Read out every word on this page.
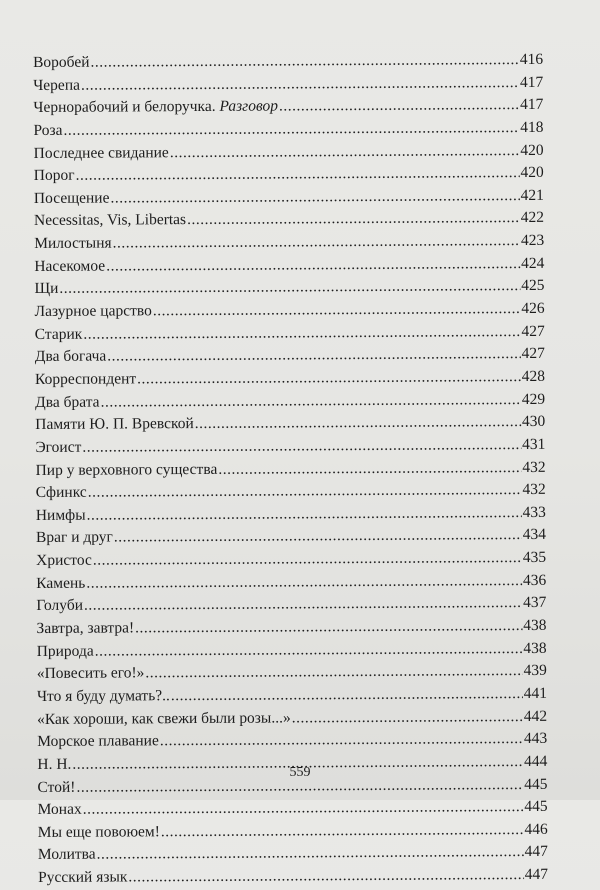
Воробей .....	416
Черепа .....	417
Чернорабочий и белоручка. Разговор .....	417
Роза .....	418
Последнее свидание .....	420
Порог .....	420
Посещение .....	421
Necessitas, Vis, Libertas .....	422
Милостыня .....	423
Насекомое .....	424
Щи .....	425
Лазурное царство .....	426
Старик .....	427
Два богача .....	427
Корреспондент .....	428
Два брата .....	429
Памяти Ю. П. Вревской .....	430
Эгоист .....	431
Пир у верховного существа .....	432
Сфинкс .....	432
Нимфы .....	433
Враг и друг .....	434
Христос .....	435
Камень .....	436
Голуби .....	437
Завтра, завтра! .....	438
Природа .....	438
«Повесить его!» .....	439
Что я буду думать?.. .....	441
«Как хороши, как свежи были розы...» .....	442
Морское плавание .....	443
Н. Н. .....	444
Стой! .....	445
Монах .....	445
Мы еще повоюем! .....	446
Молитва .....	447
Русский язык .....	447
559
